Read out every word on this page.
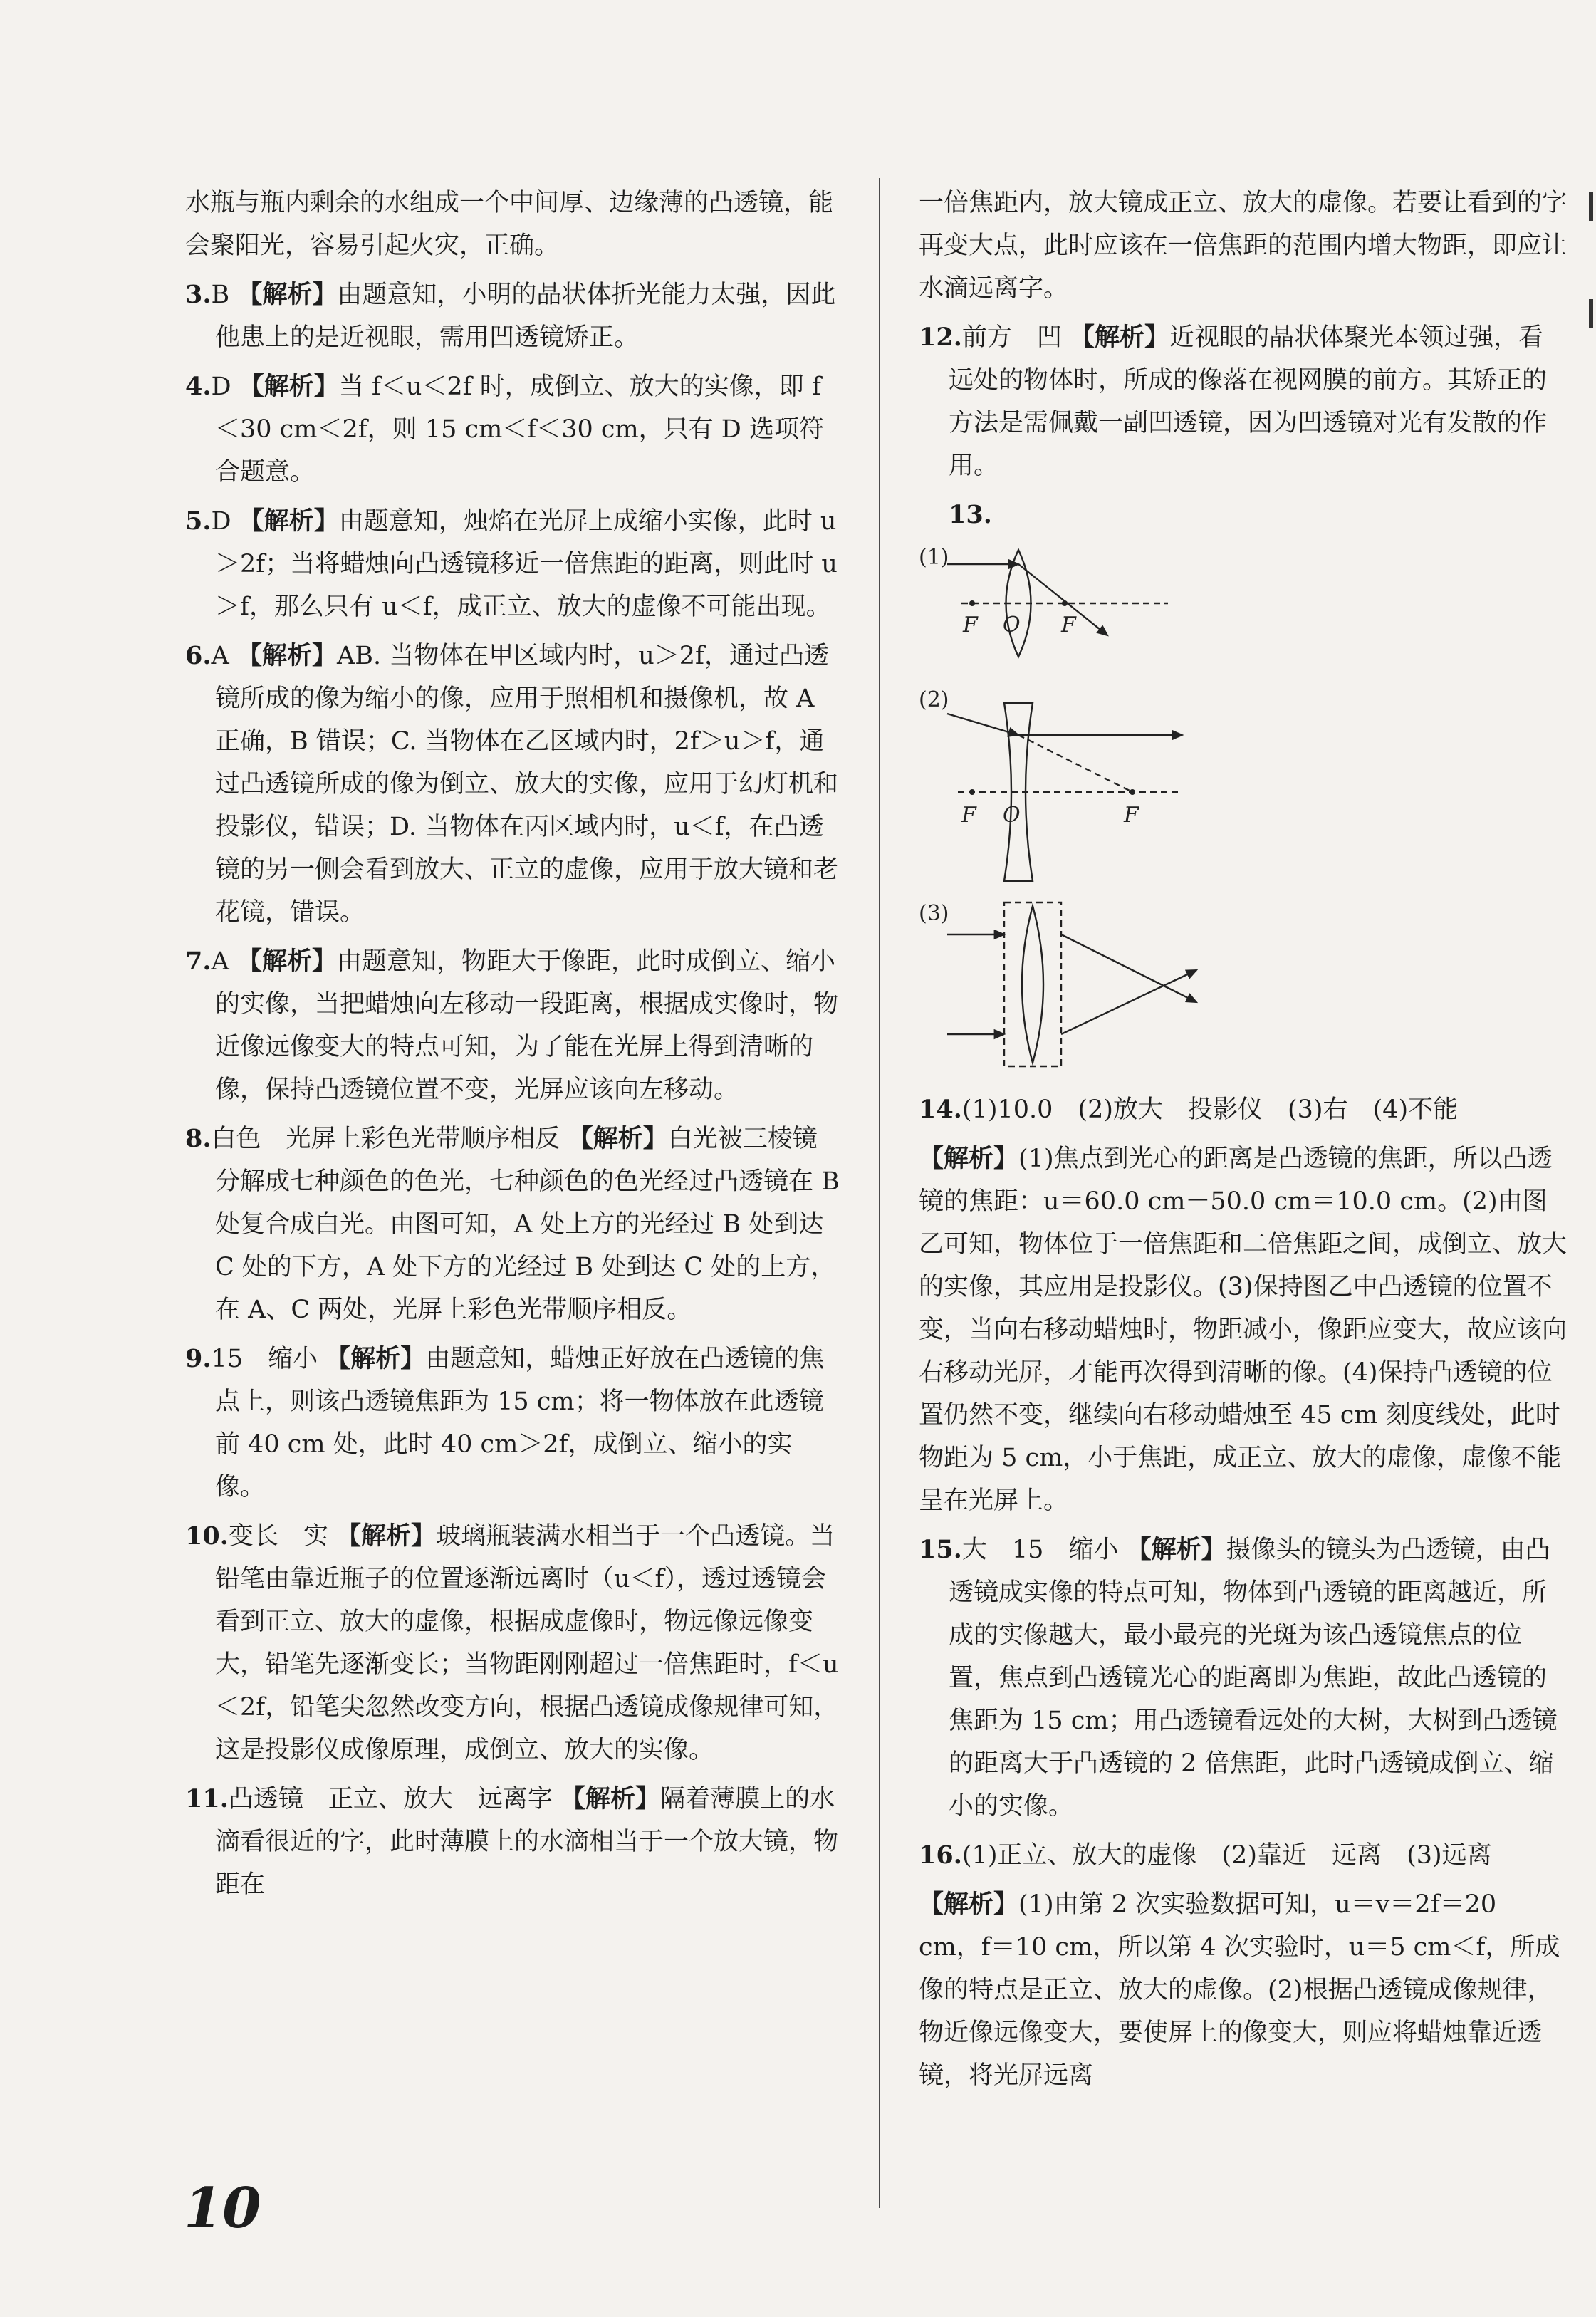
水瓶与瓶内剩余的水组成一个中间厚、边缘薄的凸透镜，能会聚阳光，容易引起火灾，正确。
3.B 【解析】由题意知，小明的晶状体折光能力太强，因此他患上的是近视眼，需用凹透镜矫正。
4.D 【解析】当 f＜u＜2f 时，成倒立、放大的实像，即 f＜30 cm＜2f，则 15 cm＜f＜30 cm，只有 D 选项符合题意。
5.D 【解析】由题意知，烛焰在光屏上成缩小实像，此时 u＞2f；当将蜡烛向凸透镜移近一倍焦距的距离，则此时 u＞f，那么只有 u＜f，成正立、放大的虚像不可能出现。
6.A 【解析】AB. 当物体在甲区域内时，u＞2f，通过凸透镜所成的像为缩小的像，应用于照相机和摄像机，故 A 正确，B 错误；C. 当物体在乙区域内时，2f＞u＞f，通过凸透镜所成的像为倒立、放大的实像，应用于幻灯机和投影仪，错误；D. 当物体在丙区域内时，u＜f，在凸透镜的另一侧会看到放大、正立的虚像，应用于放大镜和老花镜，错误。
7.A 【解析】由题意知，物距大于像距，此时成倒立、缩小的实像，当把蜡烛向左移动一段距离，根据成实像时，物近像远像变大的特点可知，为了能在光屏上得到清晰的像，保持凸透镜位置不变，光屏应该向左移动。
8.白色　光屏上彩色光带顺序相反 【解析】白光被三棱镜分解成七种颜色的色光，七种颜色的色光经过凸透镜在 B 处复合成白光。由图可知，A 处上方的光经过 B 处到达 C 处的下方，A 处下方的光经过 B 处到达 C 处的上方，在 A、C 两处，光屏上彩色光带顺序相反。
9.15　缩小 【解析】由题意知，蜡烛正好放在凸透镜的焦点上，则该凸透镜焦距为 15 cm；将一物体放在此透镜前 40 cm 处，此时 40 cm＞2f，成倒立、缩小的实像。
10.变长　实 【解析】玻璃瓶装满水相当于一个凸透镜。当铅笔由靠近瓶子的位置逐渐远离时（u＜f），透过透镜会看到正立、放大的虚像，根据成虚像时，物远像远像变大，铅笔先逐渐变长；当物距刚刚超过一倍焦距时，f＜u＜2f，铅笔尖忽然改变方向，根据凸透镜成像规律可知，这是投影仪成像原理，成倒立、放大的实像。
11.凸透镜　正立、放大　远离字 【解析】隔着薄膜上的水滴看很近的字，此时薄膜上的水滴相当于一个放大镜，物距在
一倍焦距内，放大镜成正立、放大的虚像。若要让看到的字再变大点，此时应该在一倍焦距的范围内增大物距，即应让水滴远离字。
12.前方　凹 【解析】近视眼的晶状体聚光本领过强，看远处的物体时，所成的像落在视网膜的前方。其矫正的方法是需佩戴一副凹透镜，因为凹透镜对光有发散的作用。
13.
(1)
F O F
(2)
F O	F
(3)
14.(1)10.0　(2)放大　投影仪　(3)右　(4)不能
【解析】(1)焦点到光心的距离是凸透镜的焦距，所以凸透镜的焦距：u＝60.0 cm－50.0 cm＝10.0 cm。(2)由图乙可知，物体位于一倍焦距和二倍焦距之间，成倒立、放大的实像，其应用是投影仪。(3)保持图乙中凸透镜的位置不变，当向右移动蜡烛时，物距减小，像距应变大，故应该向右移动光屏，才能再次得到清晰的像。(4)保持凸透镜的位置仍然不变，继续向右移动蜡烛至 45 cm 刻度线处，此时物距为 5 cm，小于焦距，成正立、放大的虚像，虚像不能呈在光屏上。
15.大　15　缩小 【解析】摄像头的镜头为凸透镜，由凸透镜成实像的特点可知，物体到凸透镜的距离越近，所成的实像越大，最小最亮的光斑为该凸透镜焦点的位置，焦点到凸透镜光心的距离即为焦距，故此凸透镜的焦距为 15 cm；用凸透镜看远处的大树，大树到凸透镜的距离大于凸透镜的 2 倍焦距，此时凸透镜成倒立、缩小的实像。
16.(1)正立、放大的虚像　(2)靠近　远离　(3)远离
【解析】(1)由第 2 次实验数据可知，u＝v＝2f＝20 cm，f＝10 cm，所以第 4 次实验时，u＝5 cm＜f，所成像的特点是正立、放大的虚像。(2)根据凸透镜成像规律，物近像远像变大，要使屏上的像变大，则应将蜡烛靠近透镜，将光屏远离
10
